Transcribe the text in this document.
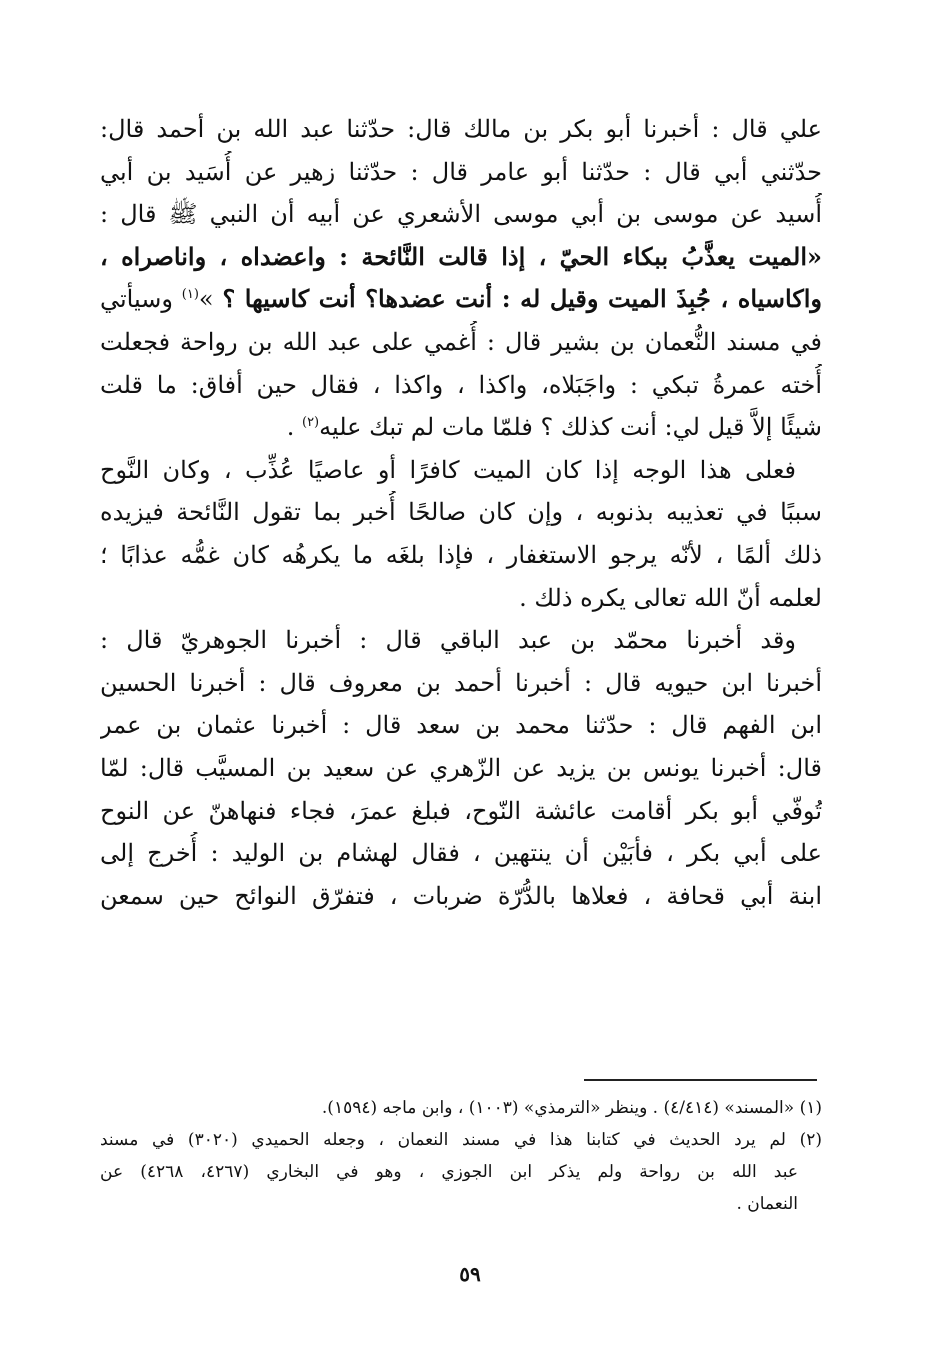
علي قال : أخبرنا أبو بكر بن مالك قال: حدّثنا عبد الله بن أحمد قال:
حدّثني أبي قال : حدّثنا أبو عامر قال : حدّثنا زهير عن أُسَيد بن أبي
أُسيد عن موسى بن أبي موسى الأشعري عن أبيه أن النبي ﷺ قال :
«الميت يعذَّبُ ببكاء الحيّ ، إذا قالت النَّائحة : واعضداه ، واناصراه ،
واكاسياه ، جُبِذَ الميت وقيل له : أنت عضدها؟ أنت كاسيها ؟ »$^{(١)}$ وسيأتي
في مسند النُّعمان بن بشير قال : أُغمي على عبد الله بن رواحة فجعلت
أُخته عمرةُ تبكي : واجَبَلاه، واكذا ، واكذا ، فقال حين أفاق: ما قلت
شيئًا إلاَّ قيل لي: أنت كذلك ؟ فلمّا مات لم تبك عليه$^{(٢)}$ .
فعلى هذا الوجه إذا كان الميت كافرًا أو عاصيًا عُذِّب ، وكان النَّوح
سببًا في تعذيبه بذنوبه ، وإن كان صالحًا أُخبر بما تقول النَّائحة فيزيده
ذلك ألمًا ، لأنّه يرجو الاستغفار ، فإذا بلغَه ما يكرهُه كان غمُّه عذابًا ؛
لعلمه أنّ الله تعالى يكره ذلك .
وقد أخبرنا محمّد بن عبد الباقي قال : أخبرنا الجوهريّ قال :
أخبرنا ابن حيويه قال : أخبرنا أحمد بن معروف قال : أخبرنا الحسين
ابن الفهم قال : حدّثنا محمد بن سعد قال : أخبرنا عثمان بن عمر
قال: أخبرنا يونس بن يزيد عن الزّهري عن سعيد بن المسيَّب قال: لمّا
تُوفّي أبو بكر أقامت عائشة النّوح، فبلغ عمرَ، فجاء فنهاهنّ عن النوح
على أبي بكر ، فأبَيْن أن ينتهين ، فقال لهشام بن الوليد : أُخرج إلى
ابنة أبي قحافة ، فعلاها بالدُّرّة ضربات ، فتفرّق النوائح حين سمعن
(١) «المسند» (٤/٤١٤) . وينظر «الترمذي» (١٠٠٣) ، وابن ماجه (١٥٩٤).
(٢) لم يرد الحديث في كتابنا هذا في مسند النعمان ، وجعله الحميدي (٣٠٢٠) في مسند
عبد الله بن رواحة ولم يذكر ابن الجوزي ، وهو في البخاري (٤٢٦٧، ٤٢٦٨) عن
النعمان .
٥٩
